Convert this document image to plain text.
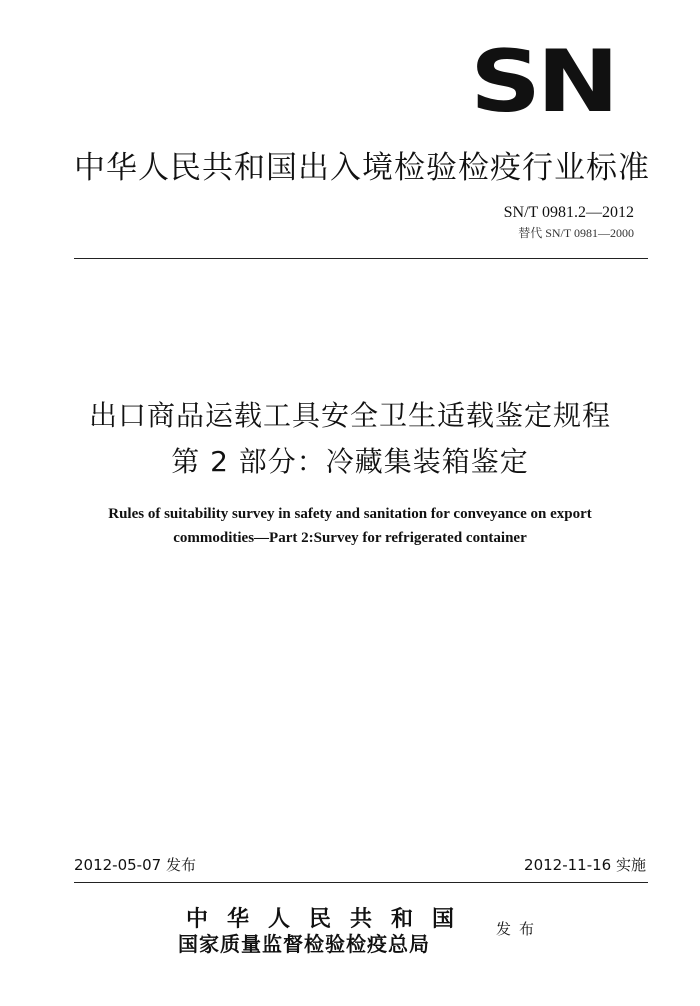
SN
中华人民共和国出入境检验检疫行业标准
SN/T 0981.2—2012
替代 SN/T 0981—2000
出口商品运载工具安全卫生适载鉴定规程
第 2 部分：冷藏集装箱鉴定
Rules of suitability survey in safety and sanitation for conveyance on export
commodities—Part 2:Survey for refrigerated container
2012-05-07 发布	2012-11-16 实施
中华人民共和国
国家质量监督检验检疫总局
发布
